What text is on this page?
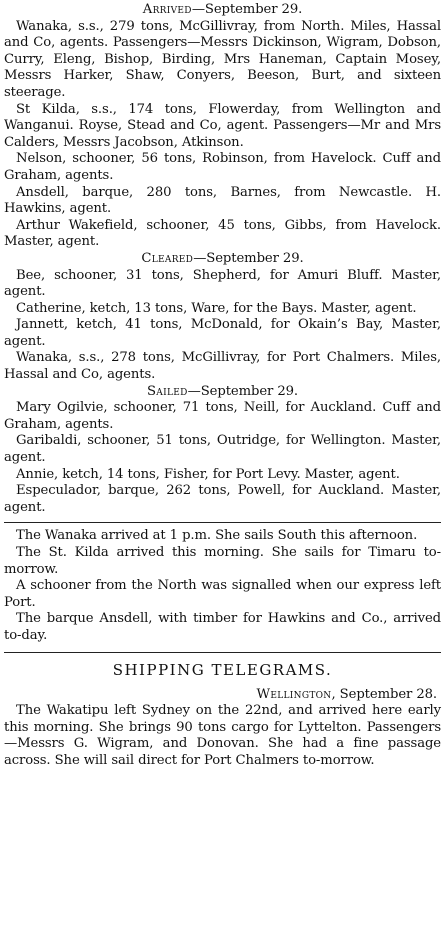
Arrived—September 29.

Wanaka, s.s., 279 tons, McGillivray, from North. Miles, Hassal and Co, agents. Passengers—Messrs Dickinson, Wigram, Dobson, Curry, Eleng, Bishop, Birding, Mrs Haneman, Captain Mosey, Messrs Harker, Shaw, Conyers, Beeson, Burt, and sixteen steerage.

St Kilda, s.s., 174 tons, Flowerday, from Wellington and Wanganui. Royse, Stead and Co, agent. Passengers—Mr and Mrs Calders, Messrs Jacobson, Atkinson.

Nelson, schooner, 56 tons, Robinson, from Havelock. Cuff and Graham, agents.

Ansdell, barque, 280 tons, Barnes, from Newcastle. H. Hawkins, agent.

Arthur Wakefield, schooner, 45 tons, Gibbs, from Havelock. Master, agent.

Cleared—September 29.

Bee, schooner, 31 tons, Shepherd, for Amuri Bluff. Master, agent.

Catherine, ketch, 13 tons, Ware, for the Bays. Master, agent.

Jannett, ketch, 41 tons, McDonald, for Okain’s Bay, Master, agent.

Wanaka, s.s., 278 tons, McGillivray, for Port Chalmers. Miles, Hassal and Co, agents.

Sailed—September 29.

Mary Ogilvie, schooner, 71 tons, Neill, for Auckland. Cuff and Graham, agents.

Garibaldi, schooner, 51 tons, Outridge, for Wellington. Master, agent.

Annie, ketch, 14 tons, Fisher, for Port Levy. Master, agent.

Especulador, barque, 262 tons, Powell, for Auckland. Master, agent.

The Wanaka arrived at 1 p.m. She sails South this afternoon.

The St. Kilda arrived this morning. She sails for Timaru to-morrow.

A schooner from the North was signalled when our express left Port.

The barque Ansdell, with timber for Hawkins and Co., arrived to-day.

SHIPPING TELEGRAMS.

Wellington, September 28.

The Wakatipu left Sydney on the 22nd, and arrived here early this morning. She brings 90 tons cargo for Lyttelton. Passengers—Messrs G. Wigram, and Donovan. She had a fine passage across. She will sail direct for Port Chalmers to-morrow.
